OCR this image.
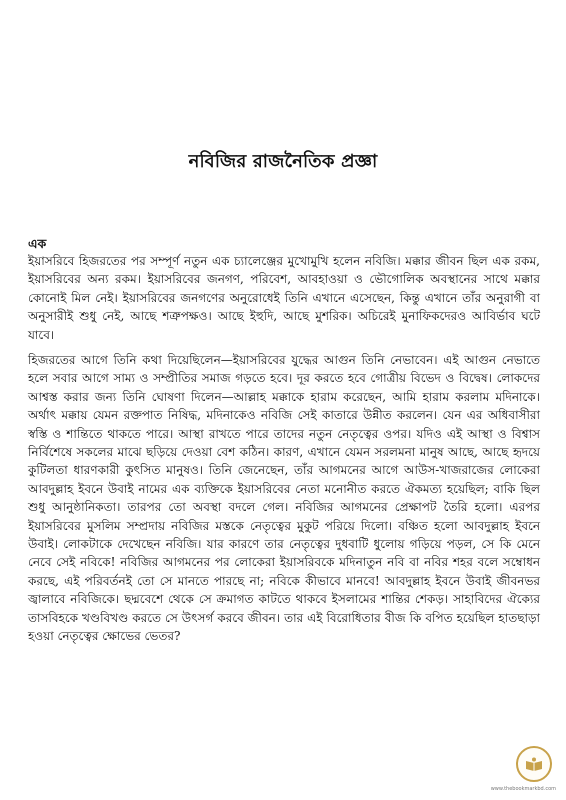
নবিজির রাজনৈতিক প্রজ্ঞা
এক

ইয়াসরিবে হিজরতের পর সম্পূর্ণ নতুন এক চ্যালেঞ্জের মুখোমুখি হলেন নবিজি। মক্কার জীবন ছিল এক রকম, ইয়াসরিবের অন্য রকম। ইয়াসরিবের জনগণ, পরিবেশ, আবহাওয়া ও ভৌগোলিক অবস্থানের সাথে মক্কার কোনোই মিল নেই। ইয়াসরিবের জনগণের অনুরোধেই তিনি এখানে এসেছেন, কিন্তু এখানে তাঁর অনুরাগী বা অনুসারীই শুধু নেই, আছে শত্রুপক্ষও। আছে ইহুদি, আছে মুশরিক। অচিরেই মুনাফিকদেরও আবির্ভাব ঘটে যাবে।

হিজরতের আগে তিনি কথা দিয়েছিলেন—ইয়াসরিবের যুদ্ধের আগুন তিনি নেভাবেন। এই আগুন নেভাতে হলে সবার আগে সাম্য ও সম্প্রীতির সমাজ গড়তে হবে। দূর করতে হবে গোত্রীয় বিভেদ ও বিদ্বেষ। লোকদের আশ্বস্ত করার জন্য তিনি ঘোষণা দিলেন—আল্লাহ মক্কাকে হারাম করেছেন, আমি হারাম করলাম মদিনাকে। অর্থাৎ মক্কায় যেমন রক্তপাত নিষিদ্ধ, মদিনাকেও নবিজি সেই কাতারে উন্নীত করলেন। যেন এর অধিবাসীরা স্বস্তি ও শান্তিতে থাকতে পারে। আস্থা রাখতে পারে তাদের নতুন নেতৃত্বের ওপর। যদিও এই আস্থা ও বিশ্বাস নির্বিশেষে সকলের মাঝে ছড়িয়ে দেওয়া বেশ কঠিন। কারণ, এখানে যেমন সরলমনা মানুষ আছে, আছে হৃদয়ে কুটিলতা ধারণকারী কুৎসিত মানুষও। তিনি জেনেছেন, তাঁর আগমনের আগে আউস-খাজরাজের লোকেরা আবদুল্লাহ ইবনে উবাই নামের এক ব্যক্তিকে ইয়াসরিবের নেতা মনোনীত করতে ঐকমত্য হয়েছিল; বাকি ছিল শুধু আনুষ্ঠানিকতা। তারপর তো অবস্থা বদলে গেল। নবিজির আগমনের প্রেক্ষাপট তৈরি হলো। এরপর ইয়াসরিবের মুসলিম সম্প্রদায় নবিজির মস্তকে নেতৃত্বের মুকুট পরিয়ে দিলো। বঞ্চিত হলো আবদুল্লাহ ইবনে উবাই। লোকটাকে দেখেছেন নবিজি। যার কারণে তার নেতৃত্বের দুধবাটি ধুলোয় গড়িয়ে পড়ল, সে কি মেনে নেবে সেই নবিকে! নবিজির আগমনের পর লোকেরা ইয়াসরিবকে মদিনাতুন নবি বা নবির শহর বলে সম্বোধন করছে, এই পরিবর্তনই তো সে মানতে পারছে না; নবিকে কীভাবে মানবে! আবদুল্লাহ ইবনে উবাই জীবনভর জ্বালাবে নবিজিকে। ছদ্মবেশে থেকে সে ক্রমাগত কাটতে থাকবে ইসলামের শান্তির শেকড়। সাহাবিদের ঐক্যের তাসবিহকে খণ্ডবিখণ্ড করতে সে উৎসর্গ করবে জীবন। তার এই বিরোধিতার বীজ কি বপিত হয়েছিল হাতছাড়া হওয়া নেতৃত্বের ক্ষোভের ভেতর?

www.thebookmarkbd.com
